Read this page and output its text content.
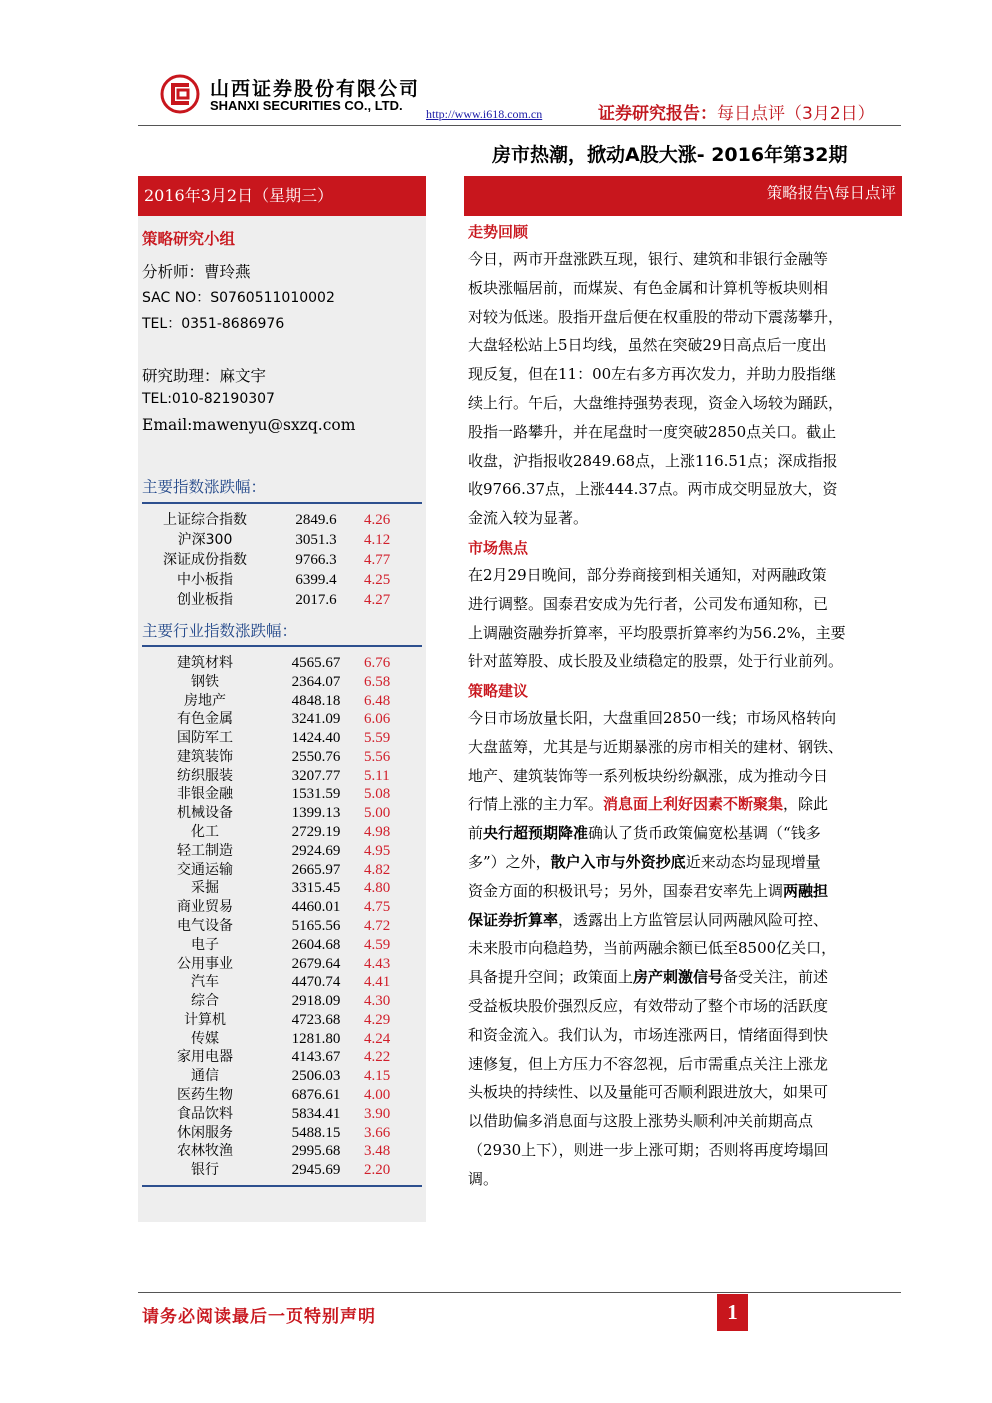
山西证券股份有限公司
SHANXI SECURITIES CO., LTD.
http://www.i618.com.cn	证券研究报告：每日点评（3月2日）
房市热潮，掀动A股大涨- 2016年第32期
2016年3月2日（星期三）
策略研究小组
分析师：曹玲燕
SAC NO：S0760511010002
TEL：0351-8686976
研究助理：麻文宇
TEL:010-82190307
Email:mawenyu@sxzq.com
主要指数涨跌幅：
上证综合指数	2849.6	4.26
沪深300	3051.3	4.12
深证成份指数	9766.3	4.77
中小板指	6399.4	4.25
创业板指	2017.6	4.27
主要行业指数涨跌幅：
建筑材料	4565.67	6.76
钢铁	2364.07	6.58
房地产	4848.18	6.48
有色金属	3241.09	6.06
国防军工	1424.40	5.59
建筑装饰	2550.76	5.56
纺织服装	3207.77	5.11
非银金融	1531.59	5.08
机械设备	1399.13	5.00
化工	2729.19	4.98
轻工制造	2924.69	4.95
交通运输	2665.97	4.82
采掘	3315.45	4.80
商业贸易	4460.01	4.75
电气设备	5165.56	4.72
电子	2604.68	4.59
公用事业	2679.64	4.43
汽车	4470.74	4.41
综合	2918.09	4.30
计算机	4723.68	4.29
传媒	1281.80	4.24
家用电器	4143.67	4.22
通信	2506.03	4.15
医药生物	6876.61	4.00
食品饮料	5834.41	3.90
休闲服务	5488.15	3.66
农林牧渔	2995.68	3.48
银行	2945.69	2.20
策略报告\每日点评
走势回顾
今日，两市开盘涨跌互现，银行、建筑和非银行金融等
板块涨幅居前，而煤炭、有色金属和计算机等板块则相
对较为低迷。股指开盘后便在权重股的带动下震荡攀升，
大盘轻松站上5日均线，虽然在突破29日高点后一度出
现反复，但在11：00左右多方再次发力，并助力股指继
续上行。午后，大盘维持强势表现，资金入场较为踊跃，
股指一路攀升，并在尾盘时一度突破2850点关口。截止
收盘，沪指报收2849.68点，上涨116.51点；深成指报
收9766.37点，上涨444.37点。两市成交明显放大，资
金流入较为显著。
市场焦点
在2月29日晚间，部分券商接到相关通知，对两融政策
进行调整。国泰君安成为先行者，公司发布通知称，已
上调融资融券折算率，平均股票折算率约为56.2%，主要
针对蓝筹股、成长股及业绩稳定的股票，处于行业前列。
策略建议
今日市场放量长阳，大盘重回2850一线；市场风格转向
大盘蓝筹，尤其是与近期暴涨的房市相关的建材、钢铁、
地产、建筑装饰等一系列板块纷纷飙涨，成为推动今日
行情上涨的主力军。消息面上利好因素不断聚集，除此
前央行超预期降准确认了货币政策偏宽松基调（“钱多
多”）之外，散户入市与外资抄底近来动态均显现增量
资金方面的积极讯号；另外，国泰君安率先上调两融担
保证券折算率，透露出上方监管层认同两融风险可控、
未来股市向稳趋势，当前两融余额已低至8500亿关口，
具备提升空间；政策面上房产刺激信号备受关注，前述
受益板块股价强烈反应，有效带动了整个市场的活跃度
和资金流入。我们认为，市场连涨两日，情绪面得到快
速修复，但上方压力不容忽视，后市需重点关注上涨龙
头板块的持续性、以及量能可否顺利跟进放大，如果可
以借助偏多消息面与这股上涨势头顺利冲关前期高点
（2930上下），则进一步上涨可期；否则将再度垮塌回
调。
请务必阅读最后一页特别声明	1
